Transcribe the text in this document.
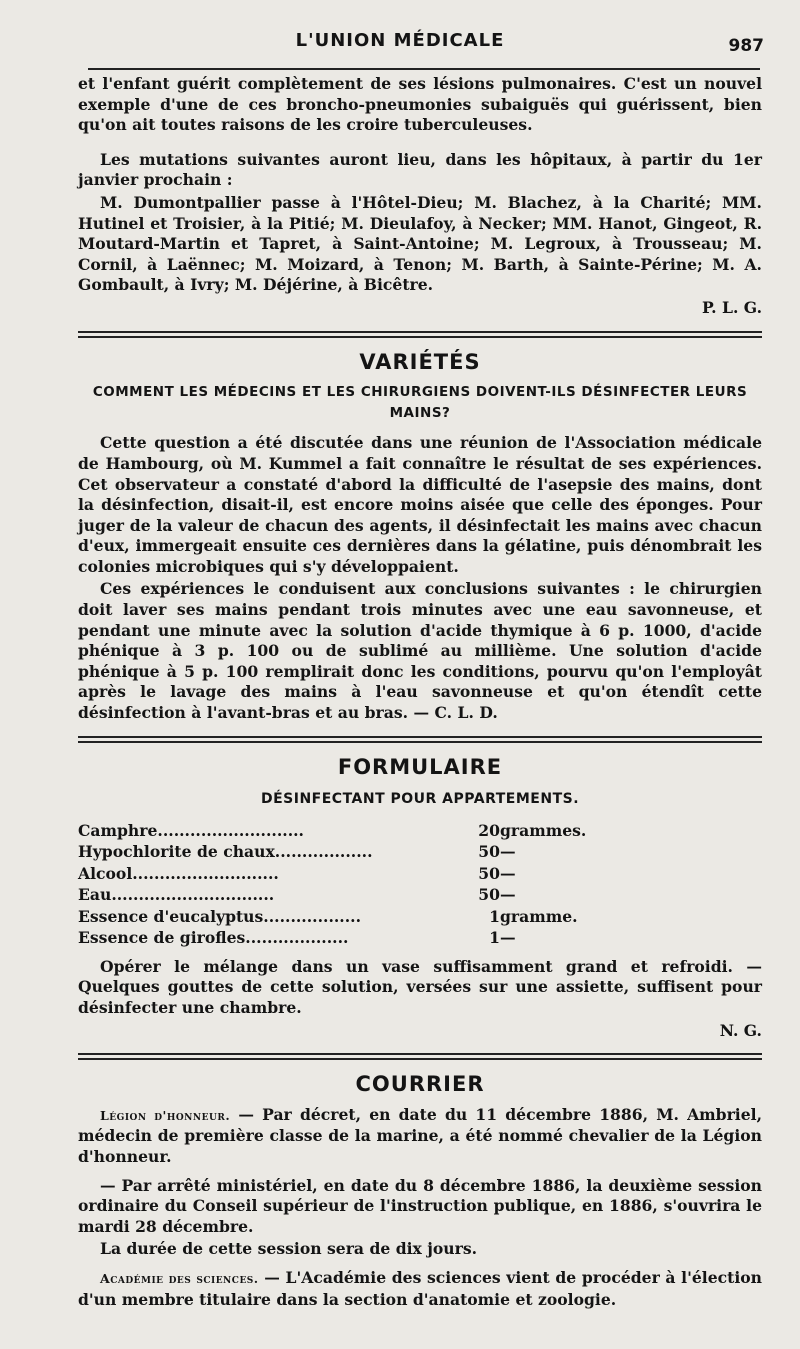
L'UNION MÉDICALE	987

et l'enfant guérit complètement de ses lésions pulmonaires. C'est un nouvel exemple d'une de ces broncho-pneumonies subaiguës qui guérissent, bien qu'on ait toutes raisons de les croire tuberculeuses.

Les mutations suivantes auront lieu, dans les hôpitaux, à partir du 1er janvier prochain :

M. Dumontpallier passe à l'Hôtel-Dieu; M. Blachez, à la Charité; MM. Hutinel et Troisier, à la Pitié; M. Dieulafoy, à Necker; MM. Hanot, Gingeot, R. Moutard-Martin et Tapret, à Saint-Antoine; M. Legroux, à Trousseau; M. Cornil, à Laënnec; M. Moizard, à Tenon; M. Barth, à Sainte-Périne; M. A. Gombault, à Ivry; M. Déjérine, à Bicêtre.

P. L. G.

VARIÉTÉS
COMMENT LES MÉDECINS ET LES CHIRURGIENS DOIVENT-ILS DÉSINFECTER LEURS MAINS?

Cette question a été discutée dans une réunion de l'Association médicale de Hambourg, où M. Kummel a fait connaître le résultat de ses expériences. Cet observateur a constaté d'abord la difficulté de l'asepsie des mains, dont la désinfection, disait-il, est encore moins aisée que celle des éponges. Pour juger de la valeur de chacun des agents, il désinfectait les mains avec chacun d'eux, immergeait ensuite ces dernières dans la gélatine, puis dénombrait les colonies microbiques qui s'y développaient.

Ces expériences le conduisent aux conclusions suivantes : le chirurgien doit laver ses mains pendant trois minutes avec une eau savonneuse, et pendant une minute avec la solution d'acide thymique à 6 p. 1000, d'acide phénique à 3 p. 100 ou de sublimé au millième. Une solution d'acide phénique à 5 p. 100 remplirait donc les conditions, pourvu qu'on l'employât après le lavage des mains à l'eau savonneuse et qu'on étendît cette désinfection à l'avant-bras et au bras. — C. L. D.

FORMULAIRE
DÉSINFECTANT POUR APPARTEMENTS.
Camphre...........................	20	grammes.
Hypochlorite de chaux..................	50	—
Alcool...........................	50	—
Eau..............................	50	—
Essence d'eucalyptus..................	1	gramme.
Essence de girofles...................	1	—

Opérer le mélange dans un vase suffisamment grand et refroidi. — Quelques gouttes de cette solution, versées sur une assiette, suffisent pour désinfecter une chambre.

N. G.

COURRIER

Légion d'honneur. — Par décret, en date du 11 décembre 1886, M. Ambriel, médecin de première classe de la marine, a été nommé chevalier de la Légion d'honneur.

— Par arrêté ministériel, en date du 8 décembre 1886, la deuxième session ordinaire du Conseil supérieur de l'instruction publique, en 1886, s'ouvrira le mardi 28 décembre.

La durée de cette session sera de dix jours.

Académie des sciences. — L'Académie des sciences vient de procéder à l'élection d'un membre titulaire dans la section d'anatomie et zoologie.
